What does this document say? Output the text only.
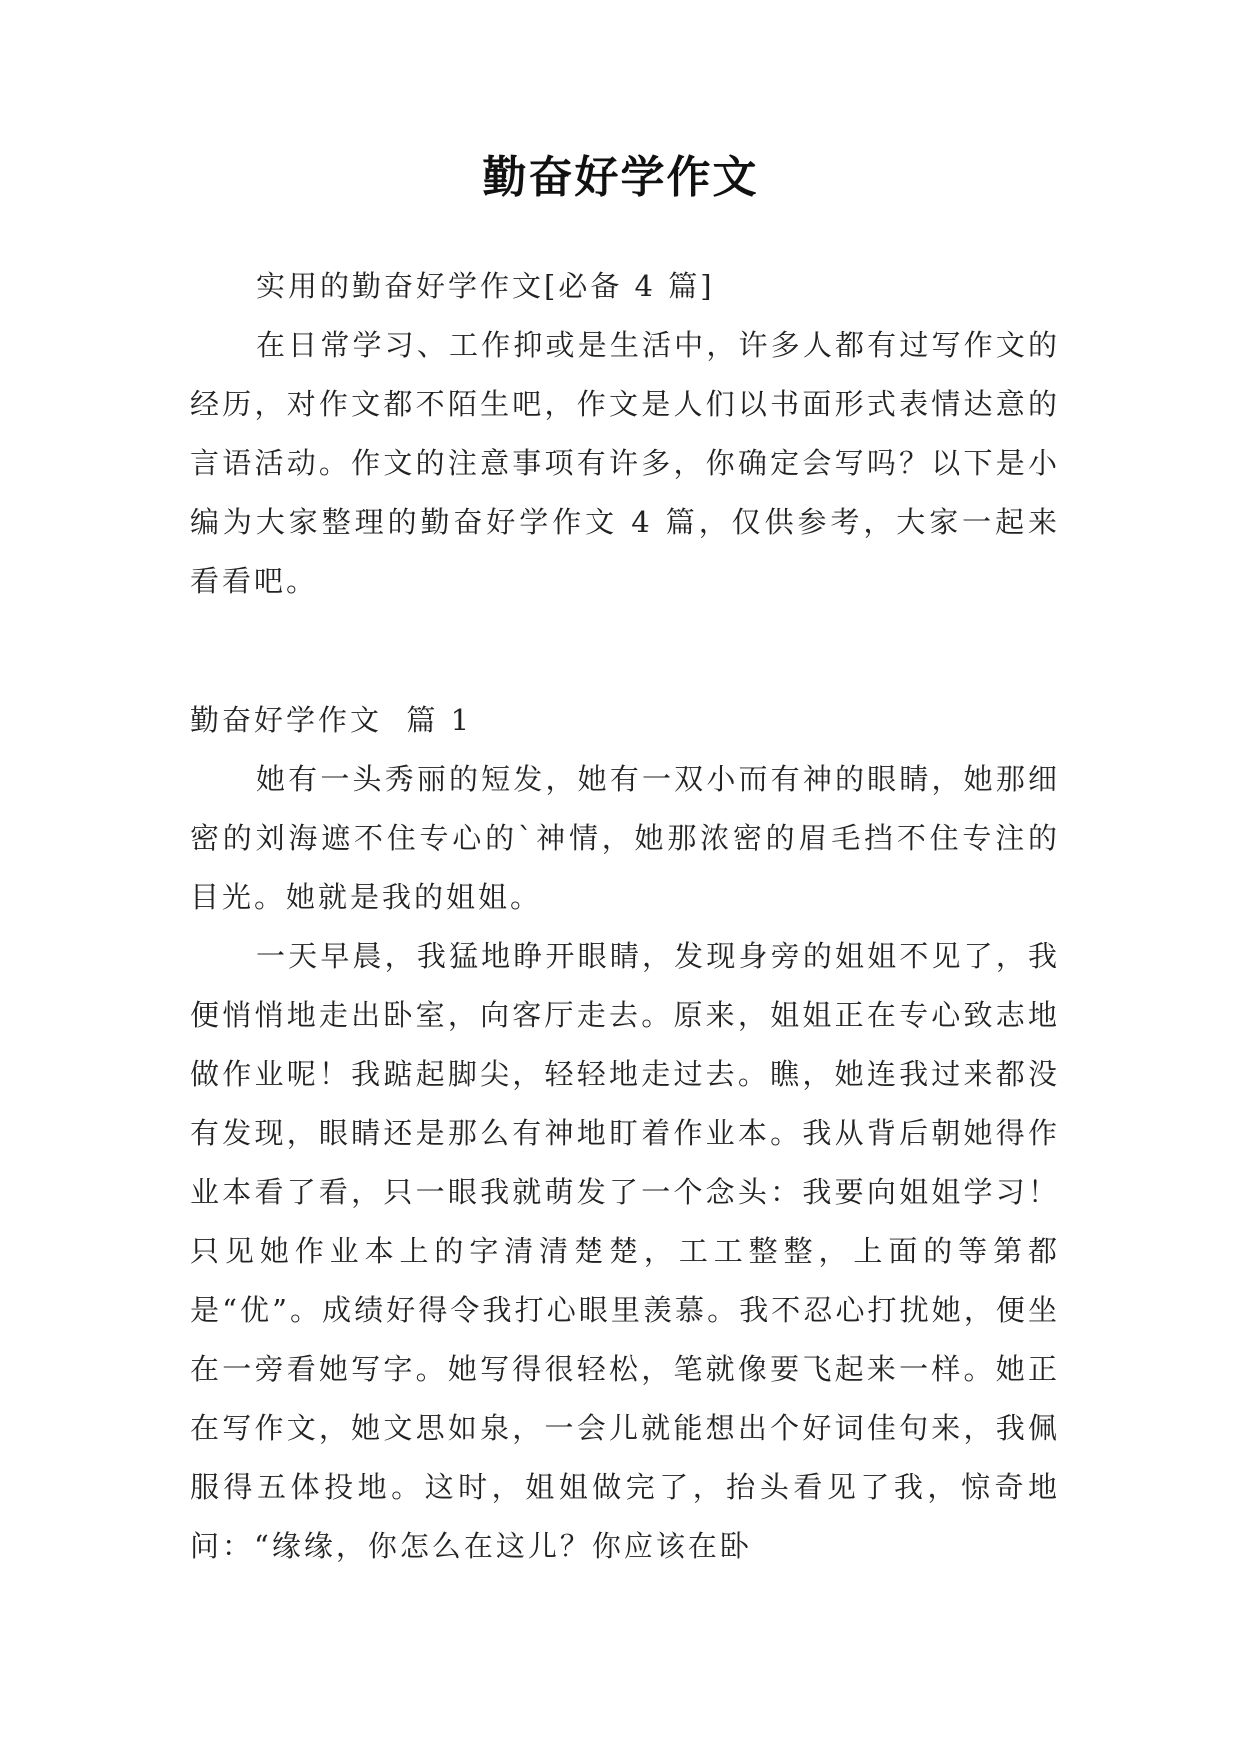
勤奋好学作文

实用的勤奋好学作文[必备 4 篇]

在日常学习、工作抑或是生活中，许多人都有过写作文的经历，对作文都不陌生吧，作文是人们以书面形式表情达意的言语活动。作文的注意事项有许多，你确定会写吗？以下是小编为大家整理的勤奋好学作文 4 篇，仅供参考，大家一起来看看吧。

勤奋好学作文  篇 1

她有一头秀丽的短发，她有一双小而有神的眼睛，她那细密的刘海遮不住专心的`神情，她那浓密的眉毛挡不住专注的目光。她就是我的姐姐。

一天早晨，我猛地睁开眼睛，发现身旁的姐姐不见了，我便悄悄地走出卧室，向客厅走去。原来，姐姐正在专心致志地做作业呢！我踮起脚尖，轻轻地走过去。瞧，她连我过来都没有发现，眼睛还是那么有神地盯着作业本。我从背后朝她得作业本看了看，只一眼我就萌发了一个念头：我要向姐姐学习！只见她作业本上的字清清楚楚，工工整整，上面的等第都是“优”。成绩好得令我打心眼里羡慕。我不忍心打扰她，便坐在一旁看她写字。她写得很轻松，笔就像要飞起来一样。她正在写作文，她文思如泉，一会儿就能想出个好词佳句来，我佩服得五体投地。这时，姐姐做完了，抬头看见了我，惊奇地问：“缘缘，你怎么在这儿？你应该在卧
